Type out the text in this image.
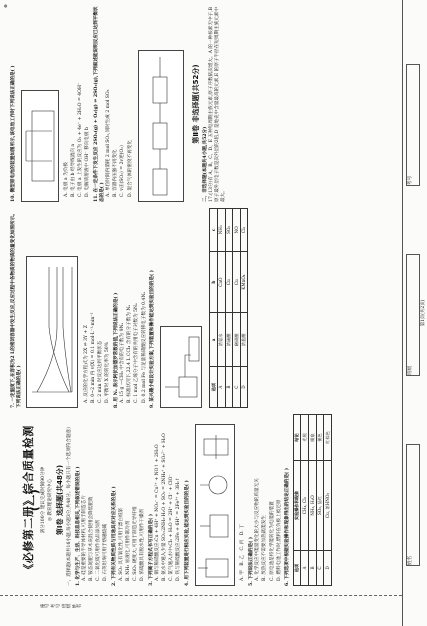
座号 考号 班级 姓名
《必修第二册》综合质量检测(一) 满分100分 建议完成时间90分钟 ◎ 教育理论研究中心 第Ⅰ卷 选择题(共48分) 一、选择题(本题共16小题,每小题3分,共48分。每小题只有一个选项符合题意) 1. 化学与生产、生活、科技息息相关,下列叙述错误的是( ) A. 硅是重要的半导体材料,可用于制造芯片 B. 铵态氮肥与草木灰混合使用会降低肥效 C. 二氧化硫可用作食品添加剂 D. 石英坩埚可用于熔融烧碱 2. 下列有关物质性质与用途具有对应关系的是( ) A. SO₂ 具有氧化性,可用于漂白纸浆 B. NH₃ 易液化,可用作制冷剂 C. SiO₂ 硬度大,可用于制造光导纤维 D. 浓硫酸具有脱水性,可用作干燥剂 3. 下列离子方程式书写正确的是( ) A. 铜与稀硝酸反应:Cu + 4H⁺ + NO₃⁻ = Cu²⁺ + NO↑ + 2H₂O B. 氨水中通入少量 SO₂:2NH₃·H₂O + SO₂ = 2NH₄⁺ + SO₃²⁻ + H₂O C. 氯气通入水中:Cl₂ + H₂O = 2H⁺ + Cl⁻ + ClO⁻ D. 铁与稀硫酸反应:2Fe + 6H⁺ = 2Fe³⁺ + 3H₂↑ 4. 用下列装置进行相应实验,能达到实验目的的是( )	A. 甲   B. 乙   C. 丙   D. 丁

5. 下列说法正确的是( ) A. 化学反应中能量变化的大小与反应物的质量无关 B. 放热反应不需要加热就能发生 C. 原电池是将化学能转化为电能的装置 D. 燃料电池工作时,燃料在负极上被还原 6. 下列选项中根据实验操作和现象得出的结论正确的是( ) 选项	实验操作和现象	结论
A	CH₄, Cl₂	光照
B	NH₃, H₂O	喷泉
C	SO₂, 品红	褪色
D	Cu, 浓HNO₃	红棕色

7. 一定温度下,在容积为2 L的密闭容器中发生反应,反应过程中各物质的物质的量变化如图所示。下列说法正确的是( )	A. 反应的化学方程式为 2X ⇌ 3Y + Z B. 0~2 min 内 v(X) = 0.1 mol·L⁻¹·min⁻¹ C. 2 min 时反应达到平衡状态 D. 平衡时 X 的转化率为 50% 8. 用 Nₐ 表示阿伏加德罗常数的值,下列说法正确的是( ) A. 15 g —CH₃ 中含有的电子数为 9Nₐ B. 标准状况下,22.4 L CCl₄ 含有的分子数为 Nₐ C. 1 mol 乙烯分子中含有的共用电子对数为 5Nₐ D. 0.2 mol Fe 与足量稀硝酸反应转移电子数为 0.4Nₐ 9. 某兴趣小组设计实验方案,下列装置和操作能达到实验目的的是( )	选项	a	b	c
A	浓氨水	CaO	NH₃
B	浓硫酸	Cu	SO₂
C	稀硝酸	Cu	NO
D	浓盐酸	KMnO₄	Cl₂

10. 微型原电池的装置如图所示,该电池工作时下列说法正确的是( )	A. 电极 a 为负极 B. 电子由 b 经导线流向 a C. 电极 a 上发生的反应为 O₂ + 4e⁻ + 2H₂O = 4OH⁻ D. 电解质溶液中 OH⁻ 移向电极 b 11. 在一定条件下发生反应 2SO₂(g) + O₂(g) ⇌ 2SO₃(g),下列叙述能说明反应已达到平衡状态的是( ) A. 单位时间内消耗 2 mol SO₂,同时生成 2 mol SO₃ B. 容器内压强不再变化 C. v正(SO₂) = 2v逆(O₂) D. 混合气体的密度不再变化

第Ⅱ卷 非选择题(共52分)

二、非选择题(本题共4小题,共52分) 17.(13分)有 A、B、C、D、E 五种短周期主族元素,原子序数依次增大。A 的一种核素无中子,B 原子最外层电子数是次外层的2倍,D 是地壳中含量最高的元素,E 的原子半径在短周期主族元素中最大。

⊕
姓名
班级
考号
第1页(共2页)
